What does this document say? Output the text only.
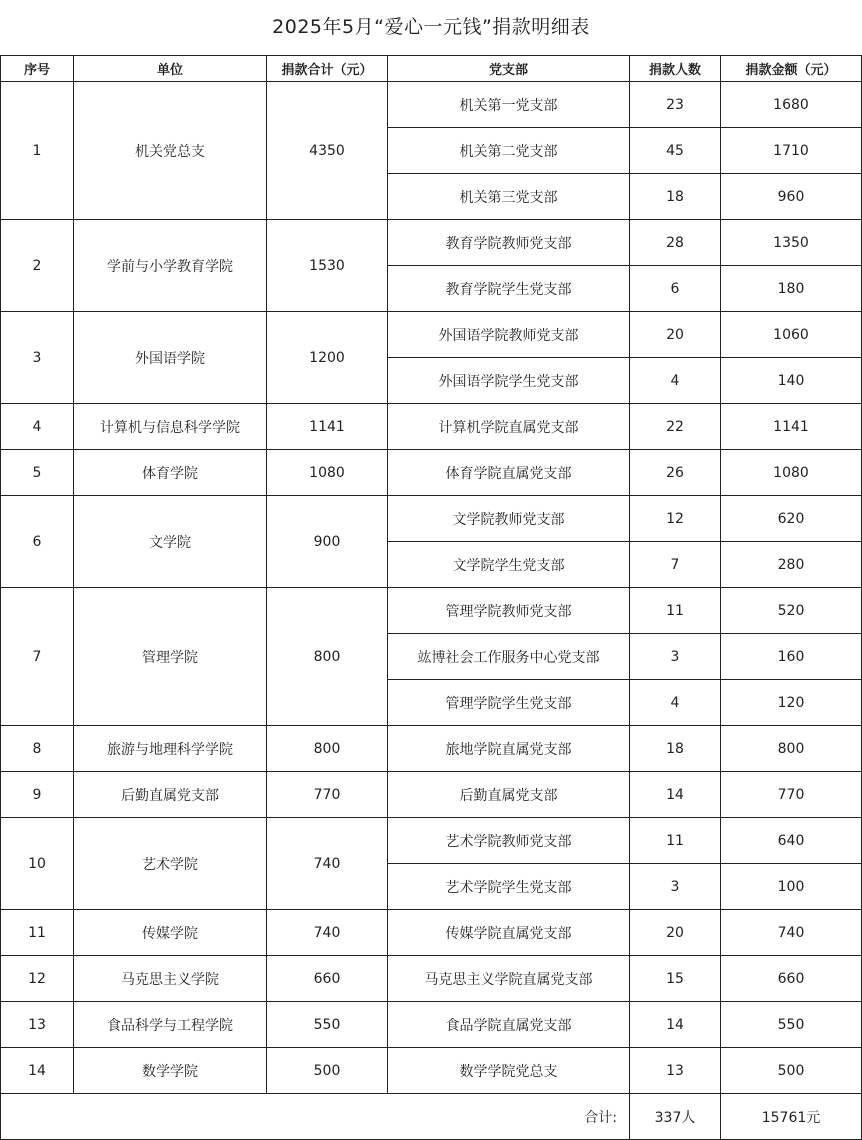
2025年5月“爱心一元钱”捐款明细表
序号	单位	捐款合计（元）	党支部	捐款人数	捐款金额（元）
1	机关党总支	4350	机关第一党支部	23	1680
			机关第二党支部	45	1710
			机关第三党支部	18	960
2	学前与小学教育学院	1530	教育学院教师党支部	28	1350
			教育学院学生党支部	6	180
3	外国语学院	1200	外国语学院教师党支部	20	1060
			外国语学院学生党支部	4	140
4	计算机与信息科学学院	1141	计算机学院直属党支部	22	1141
5	体育学院	1080	体育学院直属党支部	26	1080
6	文学院	900	文学院教师党支部	12	620
			文学院学生党支部	7	280
7	管理学院	800	管理学院教师党支部	11	520
			竑博社会工作服务中心党支部	3	160
			管理学院学生党支部	4	120
8	旅游与地理科学学院	800	旅地学院直属党支部	18	800
9	后勤直属党支部	770	后勤直属党支部	14	770
10	艺术学院	740	艺术学院教师党支部	11	640
			艺术学院学生党支部	3	100
11	传媒学院	740	传媒学院直属党支部	20	740
12	马克思主义学院	660	马克思主义学院直属党支部	15	660
13	食品科学与工程学院	550	食品学院直属党支部	14	550
14	数学学院	500	数学学院党总支	13	500
合计:				337人	15761元
